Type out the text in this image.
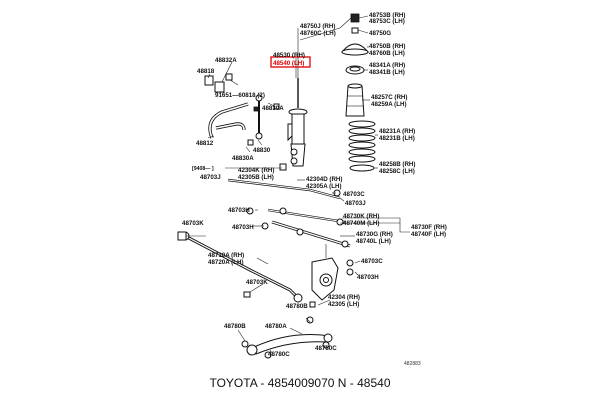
48753B (RH)
48753C (LH)
48750J (RH)
48760C (LH)	48750G
48750B (RH)
48760B (LH)
48341A (RH)
48341B (LH)
48530 (RH)
48540 (LH)
48832A
48818
91651—60818 (2)
48830A
48830
48812
48830A
48257C (RH)
48259A (LH)
48231A (RH)
48231B (LH)
48258B (RH)
48258C (LH)
[9408— ]
48703J
42304K (RH)
42305B (LH)	42304D (RH)
42305A (LH)
48703C
48703J
48703H
48730K (RH)
48740M (LH)
48730F (RH)
48740F (LH)
48730G (RH)
48740L (LH)
48703K
48703H
48710A (RH)
48720A (LH)	48703C
48703H
48703K
42304 (RH)
42305 (LH)
48780B
48780B	48780A
48780C
48780C
482883
TOYOTA - 4854009070 N - 48540
